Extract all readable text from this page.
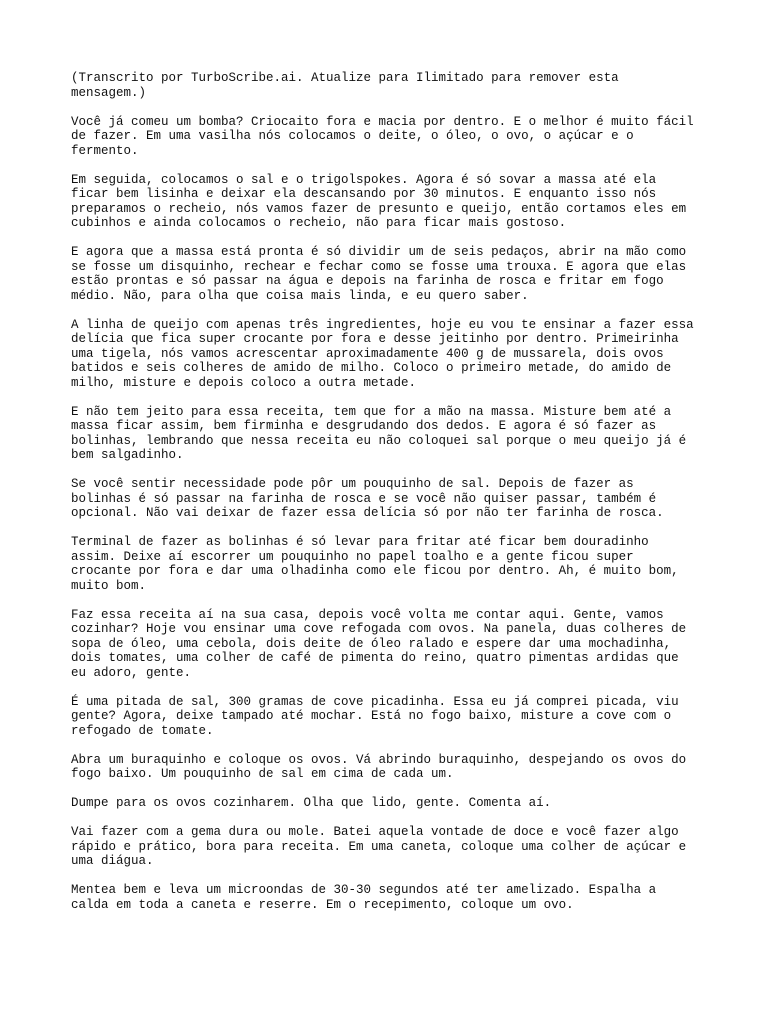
(Transcrito por TurboScribe.ai. Atualize para Ilimitado para remover esta
mensagem.)

Você já comeu um bomba? Criocaito fora e macia por dentro. E o melhor é muito fácil
de fazer. Em uma vasilha nós colocamos o deite, o óleo, o ovo, o açúcar e o
fermento.

Em seguida, colocamos o sal e o trigolspokes. Agora é só sovar a massa até ela
ficar bem lisinha e deixar ela descansando por 30 minutos. E enquanto isso nós
preparamos o recheio, nós vamos fazer de presunto e queijo, então cortamos eles em
cubinhos e ainda colocamos o recheio, não para ficar mais gostoso.

E agora que a massa está pronta é só dividir um de seis pedaços, abrir na mão como
se fosse um disquinho, rechear e fechar como se fosse uma trouxa. E agora que elas
estão prontas e só passar na água e depois na farinha de rosca e fritar em fogo
médio. Não, para olha que coisa mais linda, e eu quero saber.

A linha de queijo com apenas três ingredientes, hoje eu vou te ensinar a fazer essa
delícia que fica super crocante por fora e desse jeitinho por dentro. Primeirinha
uma tigela, nós vamos acrescentar aproximadamente 400 g de mussarela, dois ovos
batidos e seis colheres de amido de milho. Coloco o primeiro metade, do amido de
milho, misture e depois coloco a outra metade.

E não tem jeito para essa receita, tem que for a mão na massa. Misture bem até a
massa ficar assim, bem firminha e desgrudando dos dedos. E agora é só fazer as
bolinhas, lembrando que nessa receita eu não coloquei sal porque o meu queijo já é
bem salgadinho.

Se você sentir necessidade pode pôr um pouquinho de sal. Depois de fazer as
bolinhas é só passar na farinha de rosca e se você não quiser passar, também é
opcional. Não vai deixar de fazer essa delícia só por não ter farinha de rosca.

Terminal de fazer as bolinhas é só levar para fritar até ficar bem douradinho
assim. Deixe aí escorrer um pouquinho no papel toalho e a gente ficou super
crocante por fora e dar uma olhadinha como ele ficou por dentro. Ah, é muito bom,
muito bom.

Faz essa receita aí na sua casa, depois você volta me contar aqui. Gente, vamos
cozinhar? Hoje vou ensinar uma cove refogada com ovos. Na panela, duas colheres de
sopa de óleo, uma cebola, dois deite de óleo ralado e espere dar uma mochadinha,
dois tomates, uma colher de café de pimenta do reino, quatro pimentas ardidas que
eu adoro, gente.

É uma pitada de sal, 300 gramas de cove picadinha. Essa eu já comprei picada, viu
gente? Agora, deixe tampado até mochar. Está no fogo baixo, misture a cove com o
refogado de tomate.

Abra um buraquinho e coloque os ovos. Vá abrindo buraquinho, despejando os ovos do
fogo baixo. Um pouquinho de sal em cima de cada um.

Dumpe para os ovos cozinharem. Olha que lido, gente. Comenta aí.

Vai fazer com a gema dura ou mole. Batei aquela vontade de doce e você fazer algo
rápido e prático, bora para receita. Em uma caneta, coloque uma colher de açúcar e
uma diágua.

Mentea bem e leva um microondas de 30-30 segundos até ter amelizado. Espalha a
calda em toda a caneta e reserre. Em o recepimento, coloque um ovo.
